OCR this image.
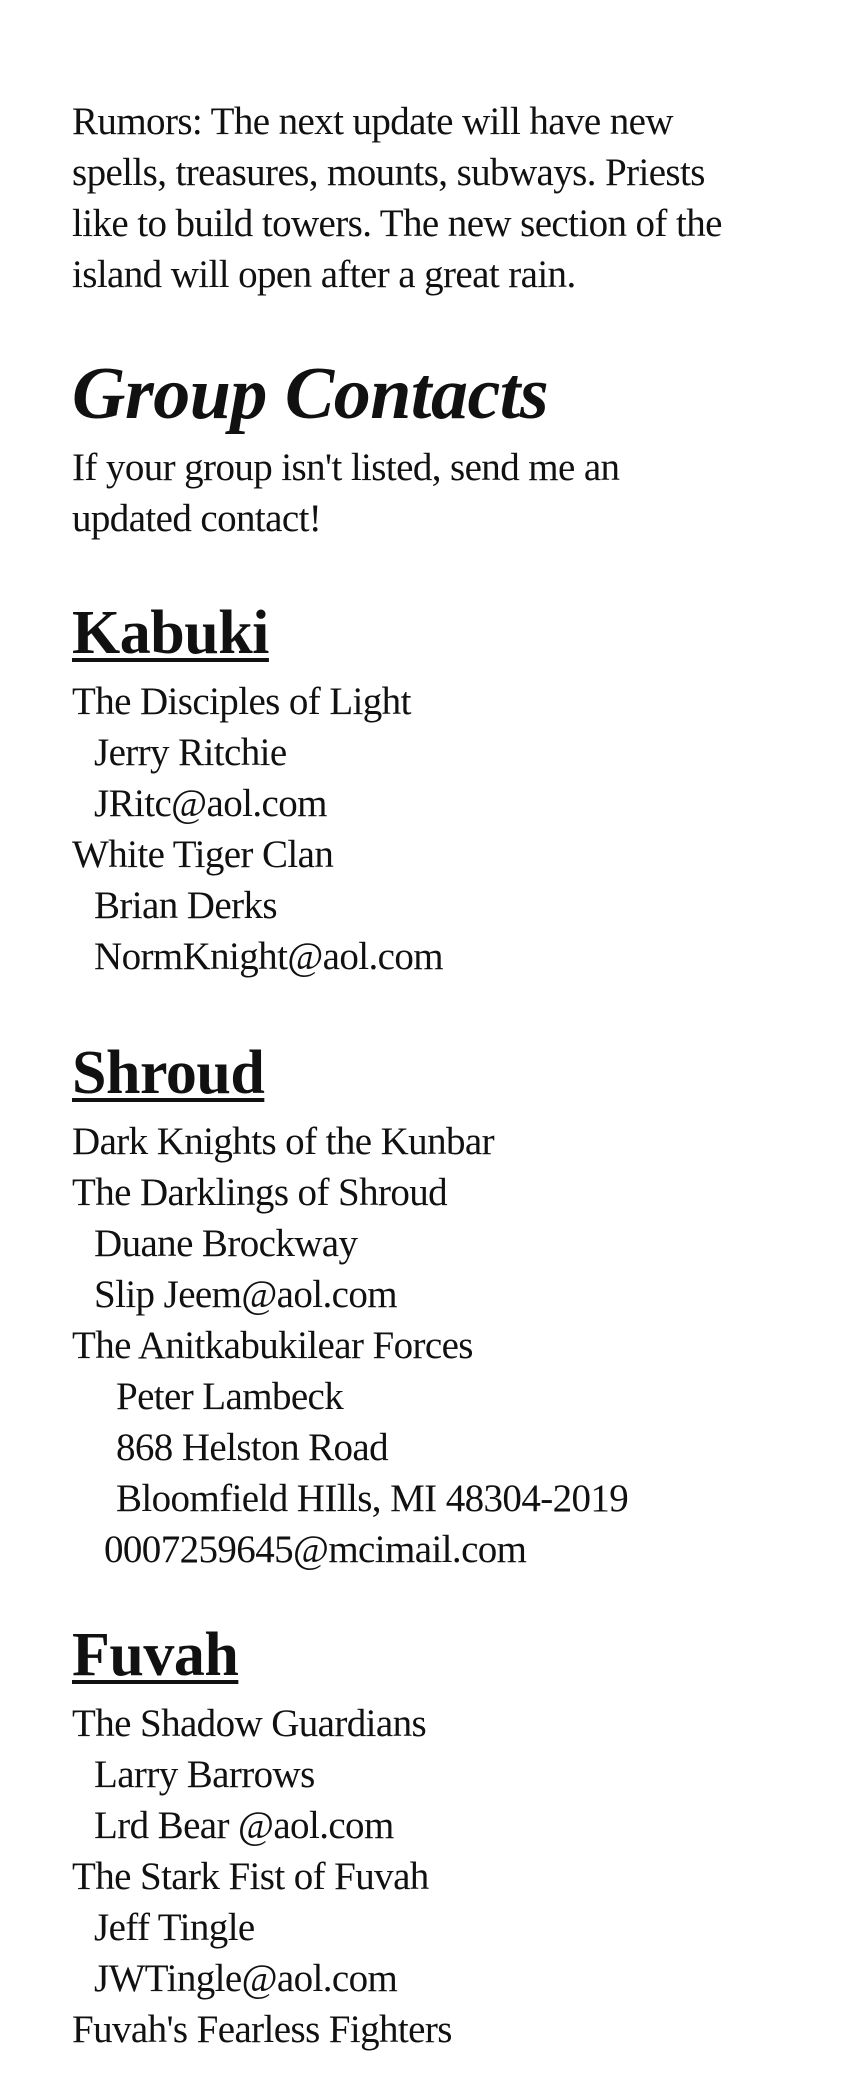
Rumors: The next update will have new
spells, treasures, mounts, subways. Priests
like to build towers. The new section of the
island will open after a great rain.
Group Contacts
If your group isn't listed, send me an
updated contact!
Kabuki
The Disciples of Light
Jerry Ritchie
JRitc@aol.com
White Tiger Clan
Brian Derks
NormKnight@aol.com
Shroud
Dark Knights of the Kunbar
The Darklings of Shroud
Duane Brockway
Slip Jeem@aol.com
The Anitkabukilear Forces
Peter Lambeck
868 Helston Road
Bloomfield HIlls, MI 48304-2019
0007259645@mcimail.com
Fuvah
The Shadow Guardians
Larry Barrows
Lrd Bear @aol.com
The Stark Fist of Fuvah
Jeff Tingle
JWTingle@aol.com
Fuvah's Fearless Fighters
